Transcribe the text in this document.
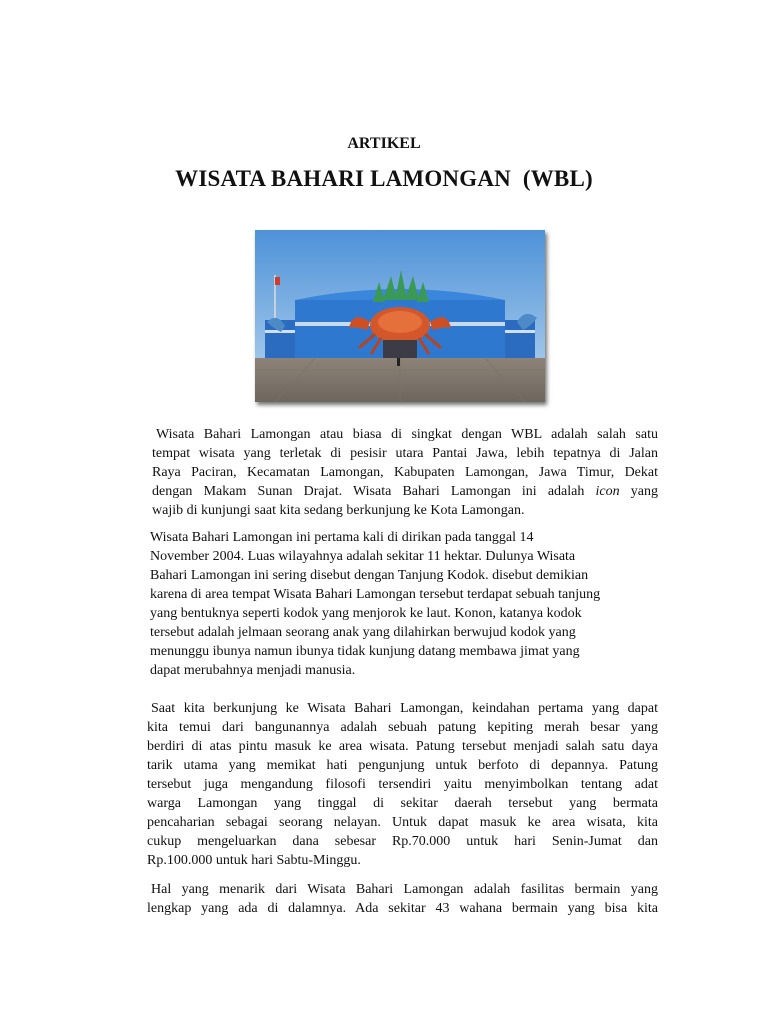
ARTIKEL
WISATA BAHARI LAMONGAN  (WBL)

Wisata Bahari Lamongan atau biasa di singkat dengan WBL adalah salah satu
tempat wisata yang terletak di pesisir utara Pantai Jawa, lebih tepatnya di Jalan
Raya Paciran, Kecamatan Lamongan, Kabupaten Lamongan, Jawa Timur, Dekat
dengan Makam Sunan Drajat. Wisata Bahari Lamongan ini adalah icon yang
wajib di kunjungi saat kita sedang berkunjung ke Kota Lamongan.

Wisata Bahari Lamongan ini pertama kali di dirikan pada tanggal 14
November 2004. Luas wilayahnya adalah sekitar 11 hektar. Dulunya Wisata
Bahari Lamongan ini sering disebut dengan Tanjung Kodok. disebut demikian
karena di area tempat Wisata Bahari Lamongan tersebut terdapat sebuah tanjung
yang bentuknya seperti kodok yang menjorok ke laut. Konon, katanya kodok
tersebut adalah jelmaan seorang anak yang dilahirkan berwujud kodok yang
menunggu ibunya namun ibunya tidak kunjung datang membawa jimat yang
dapat merubahnya menjadi manusia.

Saat kita berkunjung ke Wisata Bahari Lamongan, keindahan pertama yang dapat
kita temui dari bangunannya adalah sebuah patung kepiting merah besar yang
berdiri di atas pintu masuk ke area wisata. Patung tersebut menjadi salah satu daya
tarik utama yang memikat hati pengunjung untuk berfoto di depannya. Patung
tersebut juga mengandung filosofi tersendiri yaitu menyimbolkan tentang adat
warga Lamongan yang tinggal di sekitar daerah tersebut yang bermata
pencaharian sebagai seorang nelayan. Untuk dapat masuk ke area wisata, kita
cukup mengeluarkan dana sebesar Rp.70.000 untuk hari Senin-Jumat dan
Rp.100.000 untuk hari Sabtu-Minggu.

Hal yang menarik dari Wisata Bahari Lamongan adalah fasilitas bermain yang
lengkap yang ada di dalamnya. Ada sekitar 43 wahana bermain yang bisa kita
